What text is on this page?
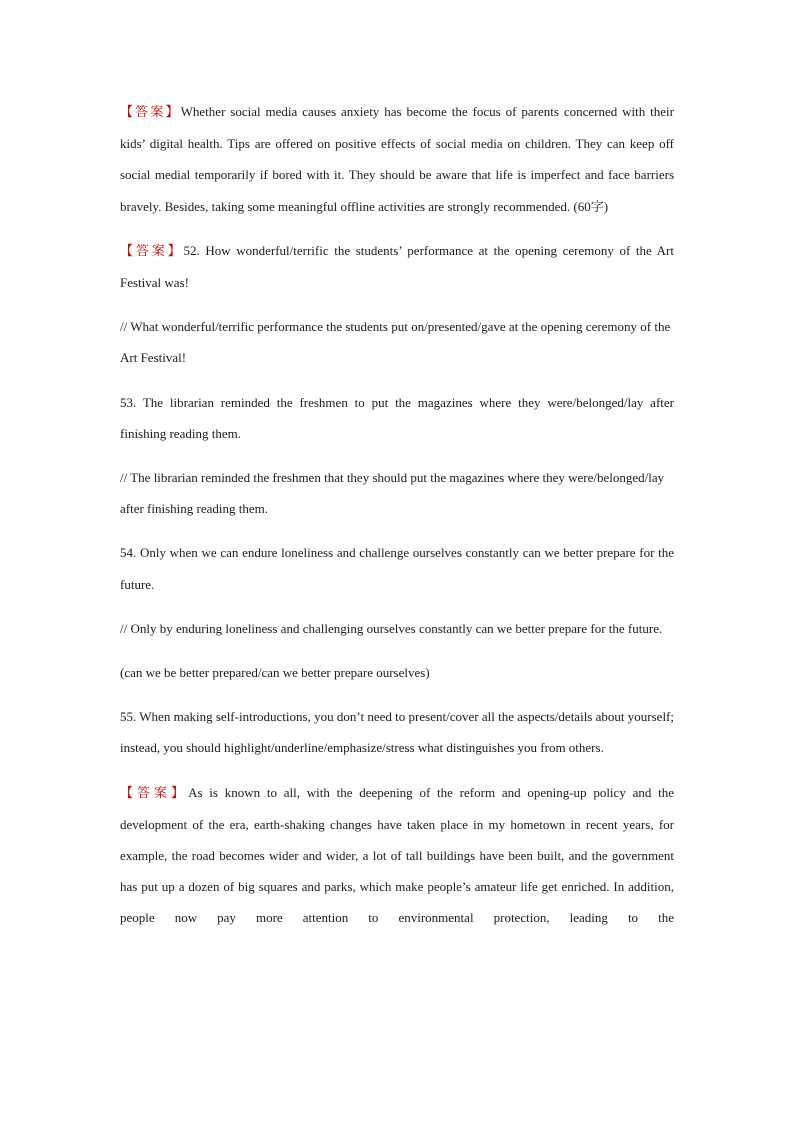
【答案】Whether social media causes anxiety has become the focus of parents concerned with their kids’ digital health. Tips are offered on positive effects of social media on children. They can keep off social medial temporarily if bored with it. They should be aware that life is imperfect and face barriers bravely. Besides, taking some meaningful offline activities are strongly recommended. (60字)

【答案】52. How wonderful/terrific the students’ performance at the opening ceremony of the Art Festival was!

// What wonderful/terrific performance the students put on/presented/gave at the opening ceremony of the Art Festival!

53. The librarian reminded the freshmen to put the magazines where they were/belonged/lay after finishing reading them.

// The librarian reminded the freshmen that they should put the magazines where they were/belonged/lay after finishing reading them.

54. Only when we can endure loneliness and challenge ourselves constantly can we better prepare for the future.

// Only by enduring loneliness and challenging ourselves constantly can we better prepare for the future.

(can we be better prepared/can we better prepare ourselves)

55. When making self-introductions, you don’t need to present/cover all the aspects/details about yourself; instead, you should highlight/underline/emphasize/stress what distinguishes you from others.

【答案】As is known to all, with the deepening of the reform and opening-up policy and the development of the era, earth-shaking changes have taken place in my hometown in recent years, for example, the road becomes wider and wider, a lot of tall buildings have been built, and the government has put up a dozen of big squares and parks, which make people’s amateur life get enriched. In addition, people now pay more attention to environmental protection, leading to the
